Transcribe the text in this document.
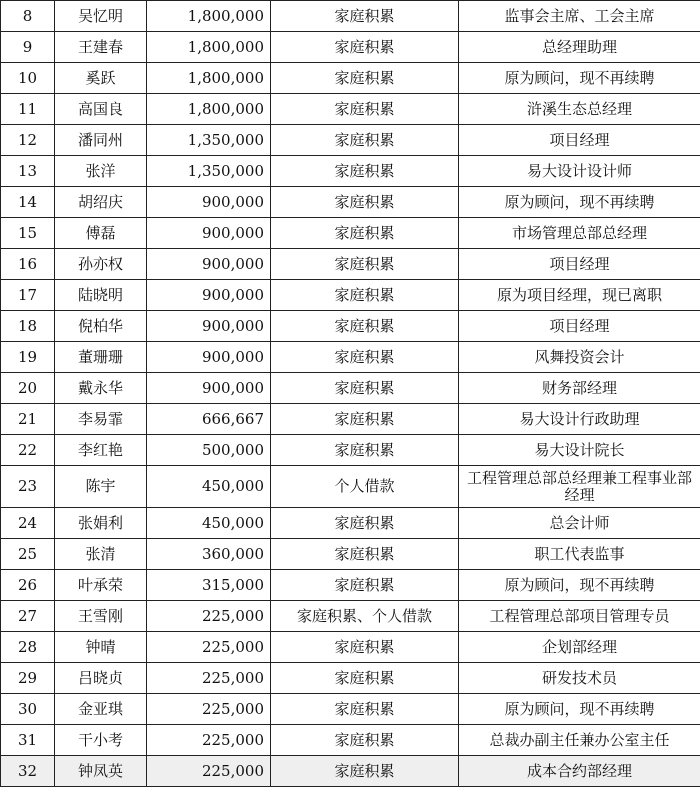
8	吴忆明	1,800,000	家庭积累	监事会主席、工会主席
9	王建春	1,800,000	家庭积累	总经理助理
10	奚跃	1,800,000	家庭积累	原为顾问，现不再续聘
11	高国良	1,800,000	家庭积累	浒溪生态总经理
12	潘同州	1,350,000	家庭积累	项目经理
13	张洋	1,350,000	家庭积累	易大设计设计师
14	胡绍庆	900,000	家庭积累	原为顾问，现不再续聘
15	傅磊	900,000	家庭积累	市场管理总部总经理
16	孙亦权	900,000	家庭积累	项目经理
17	陆晓明	900,000	家庭积累	原为项目经理，现已离职
18	倪柏华	900,000	家庭积累	项目经理
19	董珊珊	900,000	家庭积累	风舞投资会计
20	戴永华	900,000	家庭积累	财务部经理
21	李易霏	666,667	家庭积累	易大设计行政助理
22	李红艳	500,000	家庭积累	易大设计院长
23	陈宇	450,000	个人借款	工程管理总部总经理兼工程事业部经理
24	张娟利	450,000	家庭积累	总会计师
25	张清	360,000	家庭积累	职工代表监事
26	叶承荣	315,000	家庭积累	原为顾问，现不再续聘
27	王雪刚	225,000	家庭积累、个人借款	工程管理总部项目管理专员
28	钟晴	225,000	家庭积累	企划部经理
29	吕晓贞	225,000	家庭积累	研发技术员
30	金亚琪	225,000	家庭积累	原为顾问，现不再续聘
31	干小考	225,000	家庭积累	总裁办副主任兼办公室主任
32	钟凤英	225,000	家庭积累	成本合约部经理
